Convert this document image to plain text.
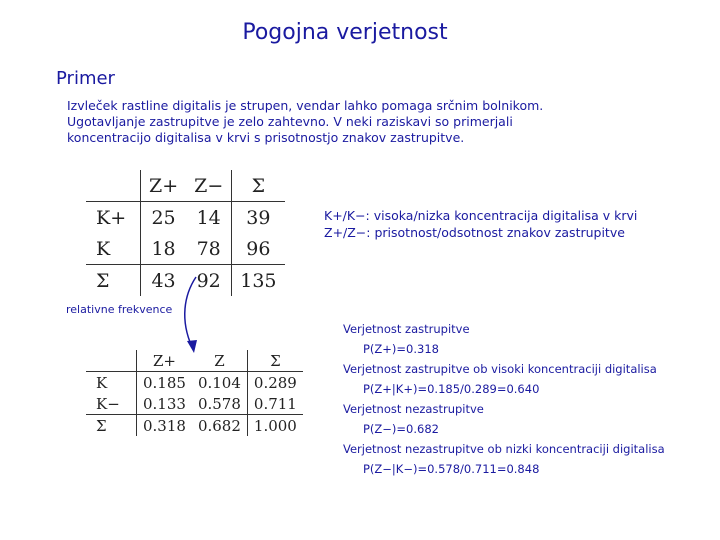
Pogojna verjetnost
Primer
Izvleček rastline digitalis je strupen, vendar lahko pomaga srčnim bolnikom.
Ugotavljanje zastrupitve je zelo zahtevno. V neki raziskavi so primerjali
koncentracijo digitalisa v krvi s prisotnostjo znakov zastrupitve.
	Z+	Z−	Σ
K+	25	14	39
K	18	78	96
Σ	43	92	135
K+/K−: visoka/nizka koncentracija digitalisa v krvi
Z+/Z−: prisotnost/odsotnost znakov zastrupitve
relativne frekvence
	Z+	Z	Σ
K	0.185	0.104	0.289
K−	0.133	0.578	0.711
Σ	0.318	0.682	1.000
Verjetnost zastrupitve
P(Z+)=0.318
Verjetnost zastrupitve ob visoki koncentraciji digitalisa
P(Z+|K+)=0.185/0.289=0.640
Verjetnost nezastrupitve
P(Z−)=0.682
Verjetnost nezastrupitve ob nizki koncentraciji digitalisa
P(Z−|K−)=0.578/0.711=0.848
